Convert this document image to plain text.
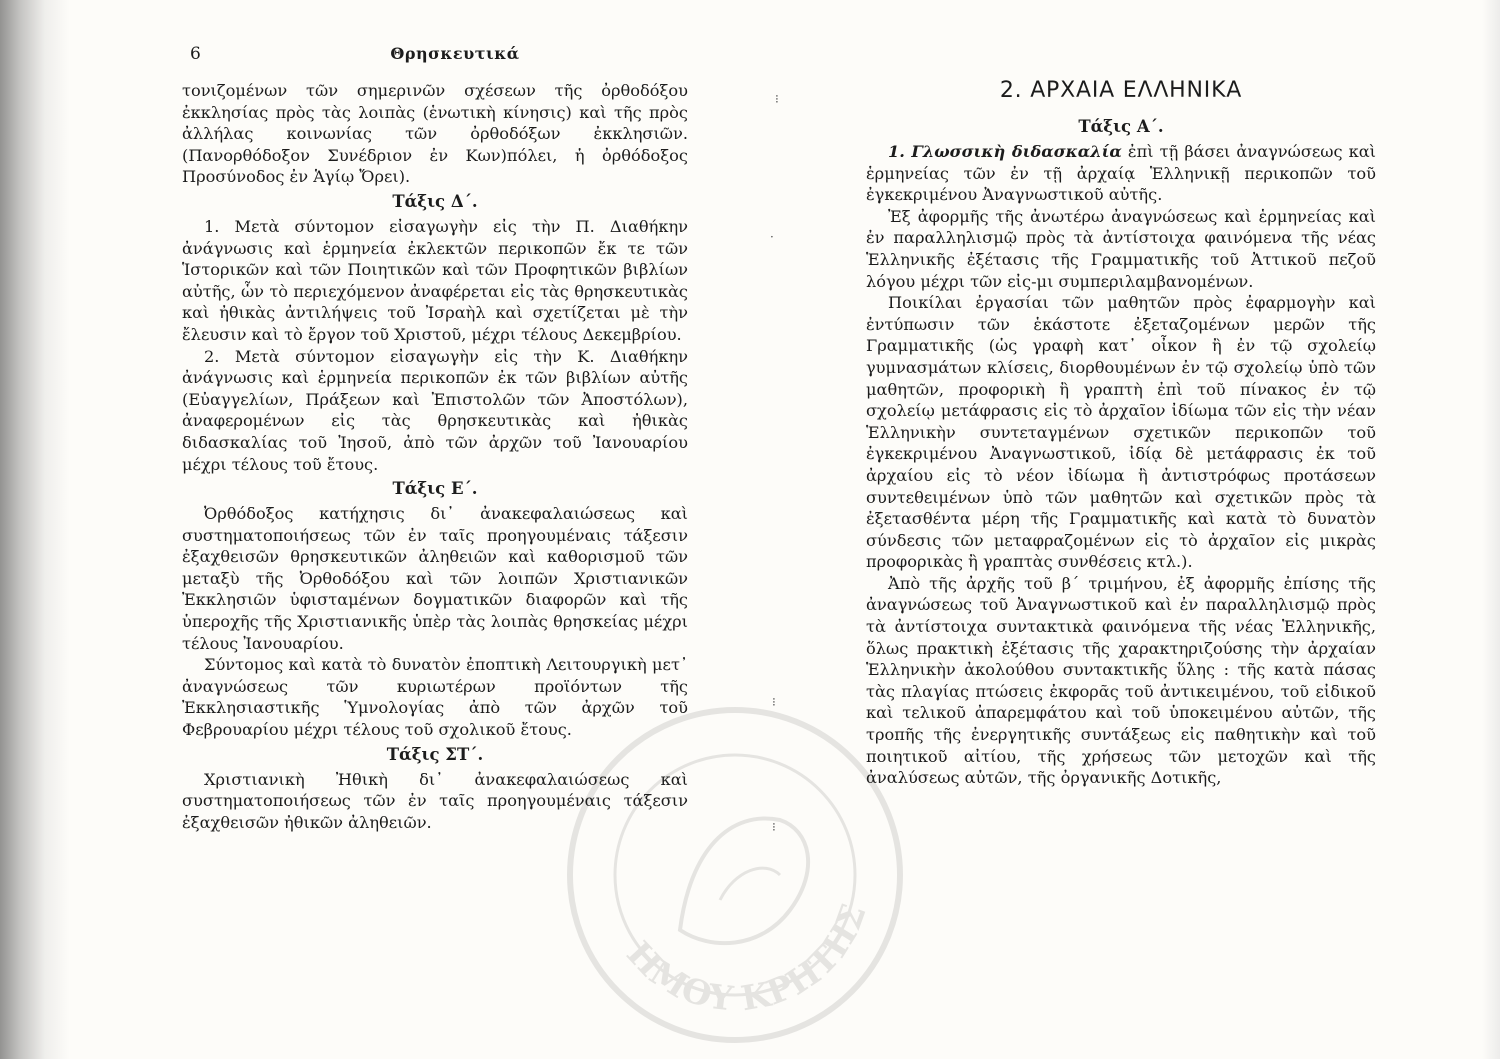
ΗΜΟΥ ΚΡΗΤΗΣ
6	Θρησκευτικά

τονιζομένων τῶν σημερινῶν σχέσεων τῆς ὀρθοδόξου ἐκκλησίας πρὸς τὰς λοιπὰς (ἑνωτικὴ κίνησις) καὶ τῆς πρὸς ἀλλήλας κοινωνίας τῶν ὀρθοδόξων ἐκκλησιῶν. (Πανορθόδοξον Συνέδριον ἐν Κων)πόλει, ἡ ὀρθόδοξος Προσύνοδος ἐν Ἁγίῳ Ὄρει).

Τάξις Δ΄.

1. Μετὰ σύντομον εἰσαγωγὴν εἰς τὴν Π. Διαθήκην ἀνάγνωσις καὶ ἑρμηνεία ἐκλεκτῶν περικοπῶν ἔκ τε τῶν Ἱστορικῶν καὶ τῶν Ποιητικῶν καὶ τῶν Προφητικῶν βιβλίων αὐτῆς, ὧν τὸ περιεχόμενον ἀναφέρεται εἰς τὰς θρησκευτικὰς καὶ ἠθικὰς ἀντιλήψεις τοῦ Ἰσραὴλ καὶ σχετίζεται μὲ τὴν ἔλευσιν καὶ τὸ ἔργον τοῦ Χριστοῦ, μέχρι τέλους Δεκεμβρίου.

2. Μετὰ σύντομον εἰσαγωγὴν εἰς τὴν Κ. Διαθήκην ἀνάγνωσις καὶ ἑρμηνεία περικοπῶν ἐκ τῶν βιβλίων αὐτῆς (Εὐαγγελίων, Πράξεων καὶ Ἐπιστολῶν τῶν Ἀποστόλων), ἀναφερομένων εἰς τὰς θρησκευτικὰς καὶ ἠθικὰς διδασκαλίας τοῦ Ἰησοῦ, ἀπὸ τῶν ἀρχῶν τοῦ Ἰανουαρίου μέχρι τέλους τοῦ ἔτους.

Τάξις Ε΄.

Ὀρθόδοξος κατήχησις δι᾿ ἀνακεφαλαιώσεως καὶ συστηματοποιήσεως τῶν ἐν ταῖς προηγουμέναις τάξεσιν ἐξαχθεισῶν θρησκευτικῶν ἀληθειῶν καὶ καθορισμοῦ τῶν μεταξὺ τῆς Ὀρθοδόξου καὶ τῶν λοιπῶν Χριστιανικῶν Ἐκκλησιῶν ὑφισταμένων δογματικῶν διαφορῶν καὶ τῆς ὑπεροχῆς τῆς Χριστιανικῆς ὑπὲρ τὰς λοιπὰς θρησκείας μέχρι τέλους Ἰανουαρίου.

Σύντομος καὶ κατὰ τὸ δυνατὸν ἐποπτικὴ Λειτουργικὴ μετ᾿ ἀναγνώσεως τῶν κυριωτέρων προϊόντων τῆς Ἐκκλησιαστικῆς Ὑμνολογίας ἀπὸ τῶν ἀρχῶν τοῦ Φεβρουαρίου μέχρι τέλους τοῦ σχολικοῦ ἔτους.

Τάξις ΣΤ΄.

Χριστιανικὴ Ἠθικὴ δι᾿ ἀνακεφαλαιώσεως καὶ συστηματοποιήσεως τῶν ἐν ταῖς προηγουμέναις τάξεσιν ἐξαχθεισῶν ἠθικῶν ἀληθειῶν.

2. ΑΡΧΑΙΑ ΕΛΛΗΝΙΚΑ
Τάξις Α΄.

1. Γλωσσικὴ διδασκαλία ἐπὶ τῇ βάσει ἀναγνώσεως καὶ ἑρμηνείας τῶν ἐν τῇ ἀρχαίᾳ Ἑλληνικῇ περικοπῶν τοῦ ἐγκεκριμένου Ἀναγνωστικοῦ αὐτῆς.

Ἐξ ἀφορμῆς τῆς ἀνωτέρω ἀναγνώσεως καὶ ἑρμηνείας καὶ ἐν παραλληλισμῷ πρὸς τὰ ἀντίστοιχα φαινόμενα τῆς νέας Ἑλληνικῆς ἐξέτασις τῆς Γραμματικῆς τοῦ Ἀττικοῦ πεζοῦ λόγου μέχρι τῶν εἰς-μι συμπεριλαμβανομένων.

Ποικίλαι ἐργασίαι τῶν μαθητῶν πρὸς ἐφαρμογὴν καὶ ἐντύπωσιν τῶν ἑκάστοτε ἐξεταζομένων μερῶν τῆς Γραμματικῆς (ὡς γραφὴ κατ᾿ οἶκον ἢ ἐν τῷ σχολείῳ γυμνασμάτων κλίσεις, διορθουμένων ἐν τῷ σχολείῳ ὑπὸ τῶν μαθητῶν, προφορικὴ ἢ γραπτὴ ἐπὶ τοῦ πίνακος ἐν τῷ σχολείῳ μετάφρασις εἰς τὸ ἀρχαῖον ἰδίωμα τῶν εἰς τὴν νέαν Ἑλληνικὴν συντεταγμένων σχετικῶν περικοπῶν τοῦ ἐγκεκριμένου Ἀναγνωστικοῦ, ἰδίᾳ δὲ μετάφρασις ἐκ τοῦ ἀρχαίου εἰς τὸ νέον ἰδίωμα ἢ ἀντιστρόφως προτάσεων συντεθειμένων ὑπὸ τῶν μαθητῶν καὶ σχετικῶν πρὸς τὰ ἐξετασθέντα μέρη τῆς Γραμματικῆς καὶ κατὰ τὸ δυνατὸν σύνδεσις τῶν μεταφραζομένων εἰς τὸ ἀρχαῖον εἰς μικρὰς προφορικὰς ἢ γραπτὰς συνθέσεις κτλ.).

Ἀπὸ τῆς ἀρχῆς τοῦ β΄ τριμήνου, ἐξ ἀφορμῆς ἐπίσης τῆς ἀναγνώσεως τοῦ Ἀναγνωστικοῦ καὶ ἐν παραλληλισμῷ πρὸς τὰ ἀντίστοιχα συντακτικὰ φαινόμενα τῆς νέας Ἑλληνικῆς, ὅλως πρακτικὴ ἐξέτασις τῆς χαρακτηριζούσης τὴν ἀρχαίαν Ἑλληνικὴν ἀκολούθου συντακτικῆς ὕλης : τῆς κατὰ πάσας τὰς πλαγίας πτώσεις ἐκφορᾶς τοῦ ἀντικειμένου, τοῦ εἰδικοῦ καὶ τελικοῦ ἀπαρεμφάτου καὶ τοῦ ὑποκειμένου αὐτῶν, τῆς τροπῆς τῆς ἐνεργητικῆς συντάξεως εἰς παθητικὴν καὶ τοῦ ποιητικοῦ αἰτίου, τῆς χρήσεως τῶν μετοχῶν καὶ τῆς ἀναλύσεως αὐτῶν, τῆς ὀργανικῆς Δοτικῆς,

⁝
·
⁝
⁝
